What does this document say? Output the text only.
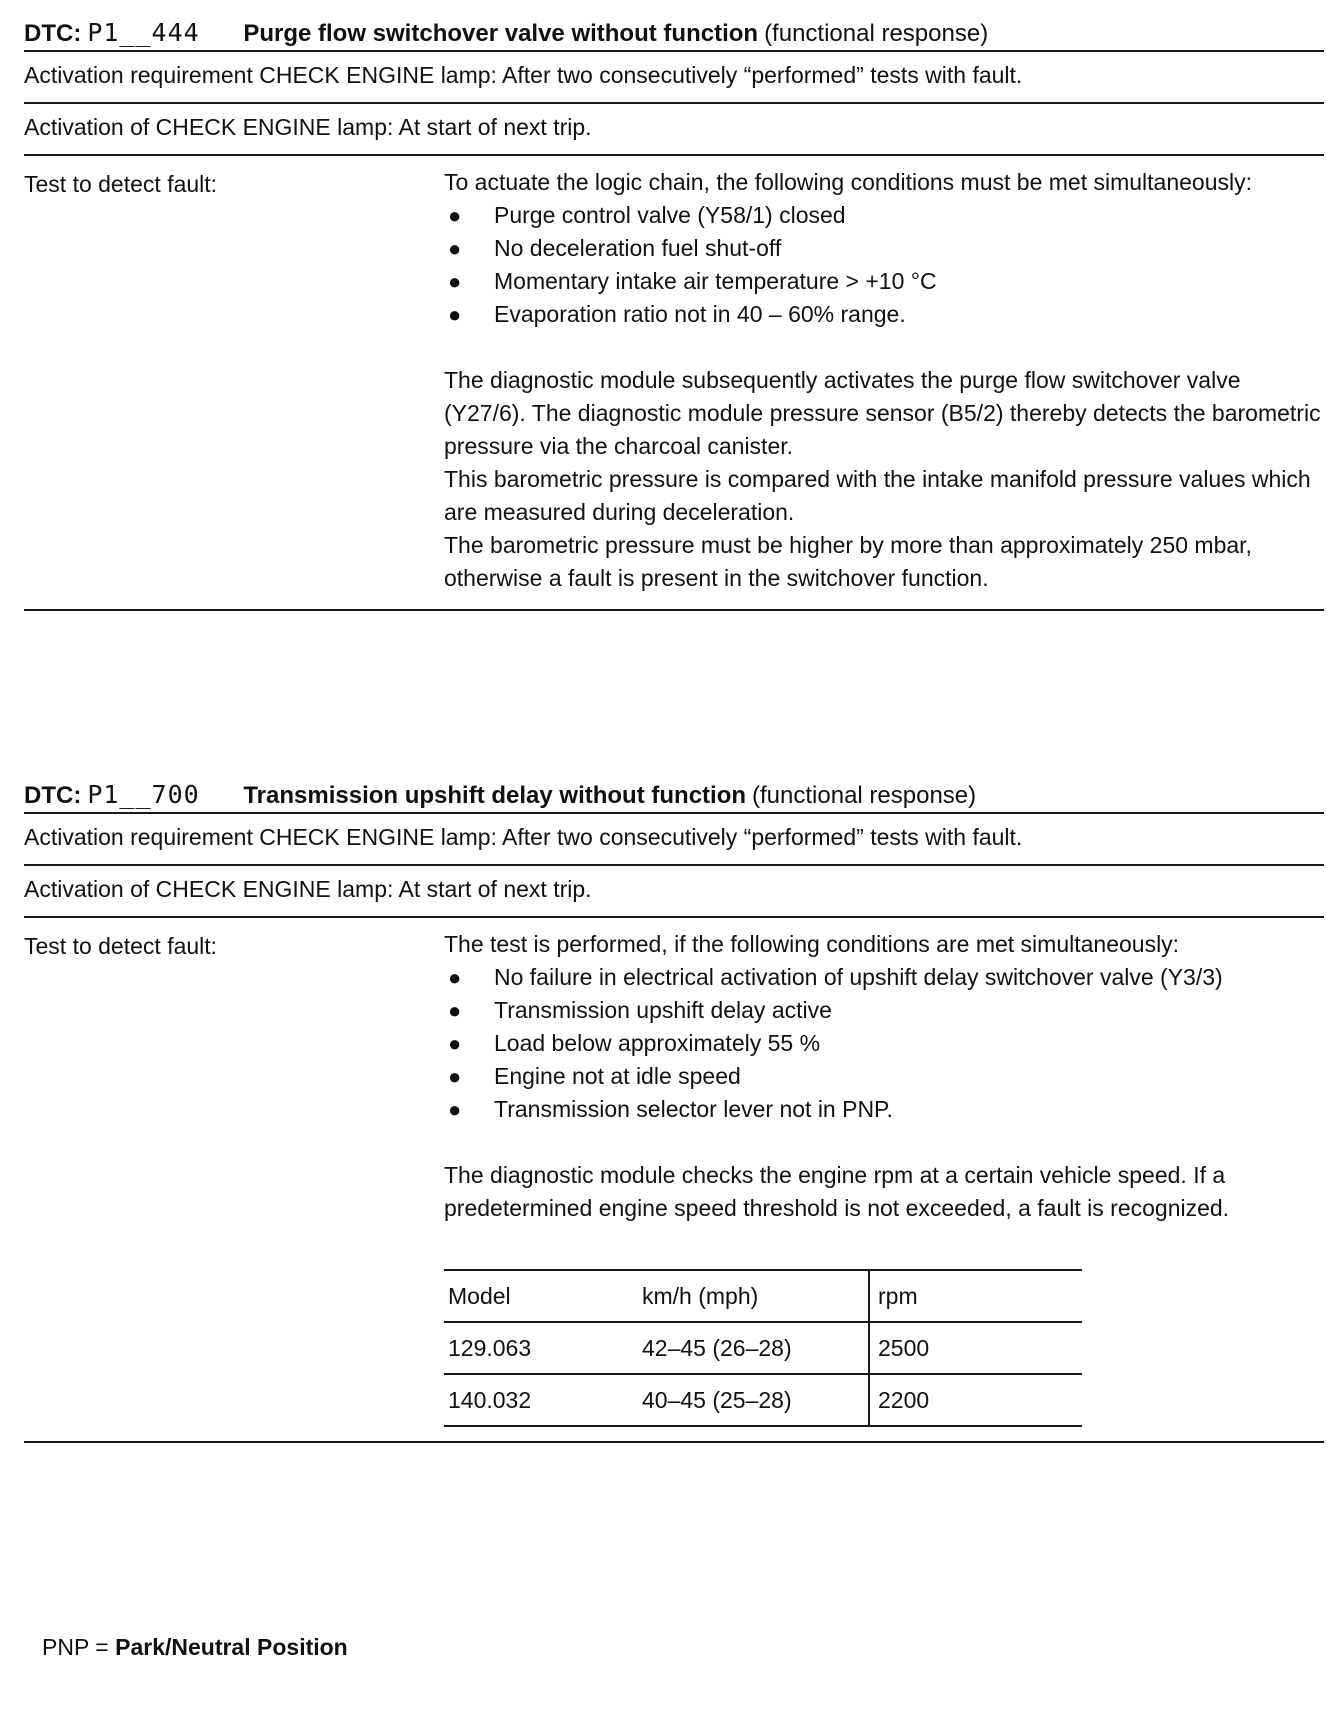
DTC: P1__444 Purge flow switchover valve without function (functional response)
Activation requirement CHECK ENGINE lamp: After two consecutively “performed” tests with fault.
Activation of CHECK ENGINE lamp: At start of next trip.
Test to detect fault:	To actuate the logic chain, the following conditions must be met simultaneously:

● Purge control valve (Y58/1) closed
● No deceleration fuel shut-off
● Momentary intake air temperature > +10 °C
● Evaporation ratio not in 40 – 60% range.

The diagnostic module subsequently activates the purge flow switchover valve (Y27/6). The diagnostic module pressure sensor (B5/2) thereby detects the barometric pressure via the charcoal canister.

This barometric pressure is compared with the intake manifold pressure values which are measured during deceleration.

The barometric pressure must be higher by more than approximately 250 mbar, otherwise a fault is present in the switchover function.

DTC: P1__700 Transmission upshift delay without function (functional response)
Activation requirement CHECK ENGINE lamp: After two consecutively “performed” tests with fault.
Activation of CHECK ENGINE lamp: At start of next trip.
Test to detect fault:	The test is performed, if the following conditions are met simultaneously:

● No failure in electrical activation of upshift delay switchover valve (Y3/3)
● Transmission upshift delay active
● Load below approximately 55 %
● Engine not at idle speed
● Transmission selector lever not in PNP.

The diagnostic module checks the engine rpm at a certain vehicle speed. If a predetermined engine speed threshold is not exceeded, a fault is recognized.

Model	km/h (mph)	rpm
129.063	42–45 (26–28)	2500
140.032	40–45 (25–28)	2200
PNP = Park/Neutral Position
